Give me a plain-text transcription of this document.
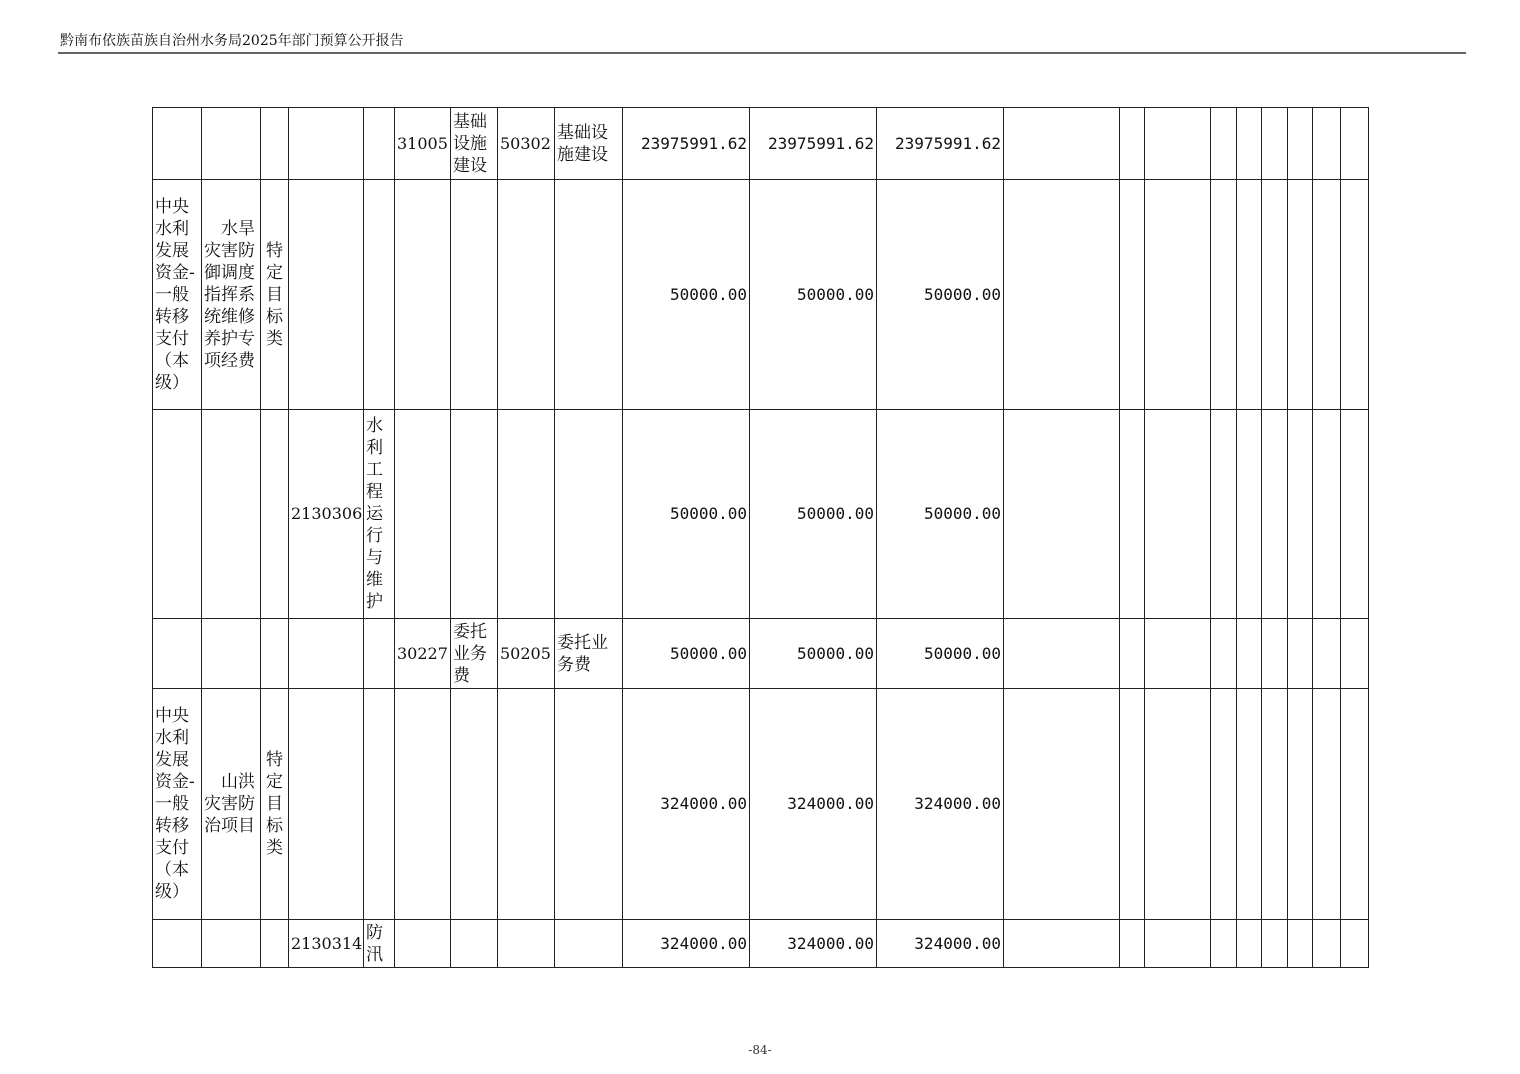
黔南布依族苗族自治州水务局2025年部门预算公开报告
					31005	基础设施建设	50302	基础设施建设	23975991.62	23975991.62	23975991.62									
中央水利发展资金-一般转移支付（本级）	水旱灾害防御调度指挥系统维修养护专项经费	特定目标类							50000.00	50000.00	50000.00									
			2130306	水利工程运行与维护					50000.00	50000.00	50000.00									
					30227	委托业务费	50205	委托业务费	50000.00	50000.00	50000.00									
中央水利发展资金-一般转移支付（本级）	山洪灾害防治项目	特定目标类							324000.00	324000.00	324000.00									
			2130314	防汛					324000.00	324000.00	324000.00									
-84-
